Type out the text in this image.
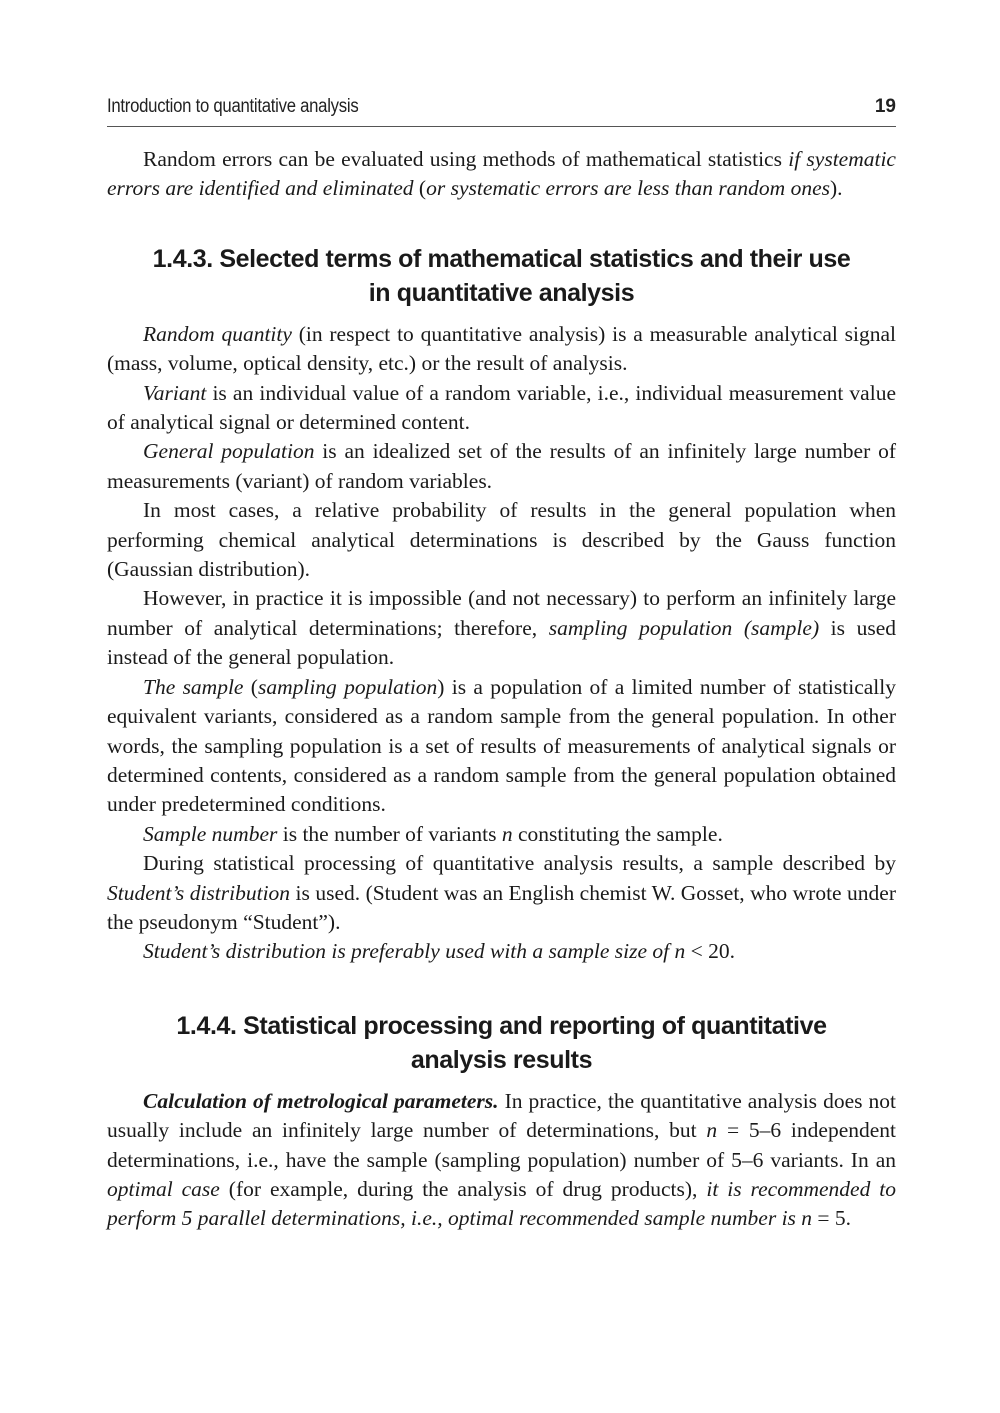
Introduction to quantitative analysis	19

Random errors can be evaluated using methods of mathematical statistics if systematic errors are identified and eliminated (or systematic errors are less than random ones).

1.4.3. Selected terms of mathematical statistics and their use
in quantitative analysis

Random quantity (in respect to quantitative analysis) is a measurable analytical signal (mass, volume, optical density, etc.) or the result of analysis.

Variant is an individual value of a random variable, i.e., individual measurement value of analytical signal or determined content.

General population is an idealized set of the results of an infinitely large number of measurements (variant) of random variables.

In most cases, a relative probability of results in the general population when performing chemical analytical determinations is described by the Gauss function (Gaussian distribution).

However, in practice it is impossible (and not necessary) to perform an infinitely large number of analytical determinations; therefore, sampling population (sample) is used instead of the general population.

The sample (sampling population) is a population of a limited number of statistically equivalent variants, considered as a random sample from the general population. In other words, the sampling population is a set of results of measurements of analytical signals or determined contents, considered as a random sample from the general population obtained under predetermined conditions.

Sample number is the number of variants n constituting the sample.

During statistical processing of quantitative analysis results, a sample described by Student’s distribution is used. (Student was an English chemist W. Gosset, who wrote under the pseudonym “Student”).

Student’s distribution is preferably used with a sample size of n < 20.

1.4.4. Statistical processing and reporting of quantitative
analysis results

Calculation of metrological parameters. In practice, the quantitative analysis does not usually include an infinitely large number of determinations, but n = 5–6 independent determinations, i.e., have the sample (sampling population) number of 5–6 variants. In an optimal case (for example, during the analysis of drug products), it is recommended to perform 5 parallel determinations, i.e., optimal recommended sample number is n = 5.
